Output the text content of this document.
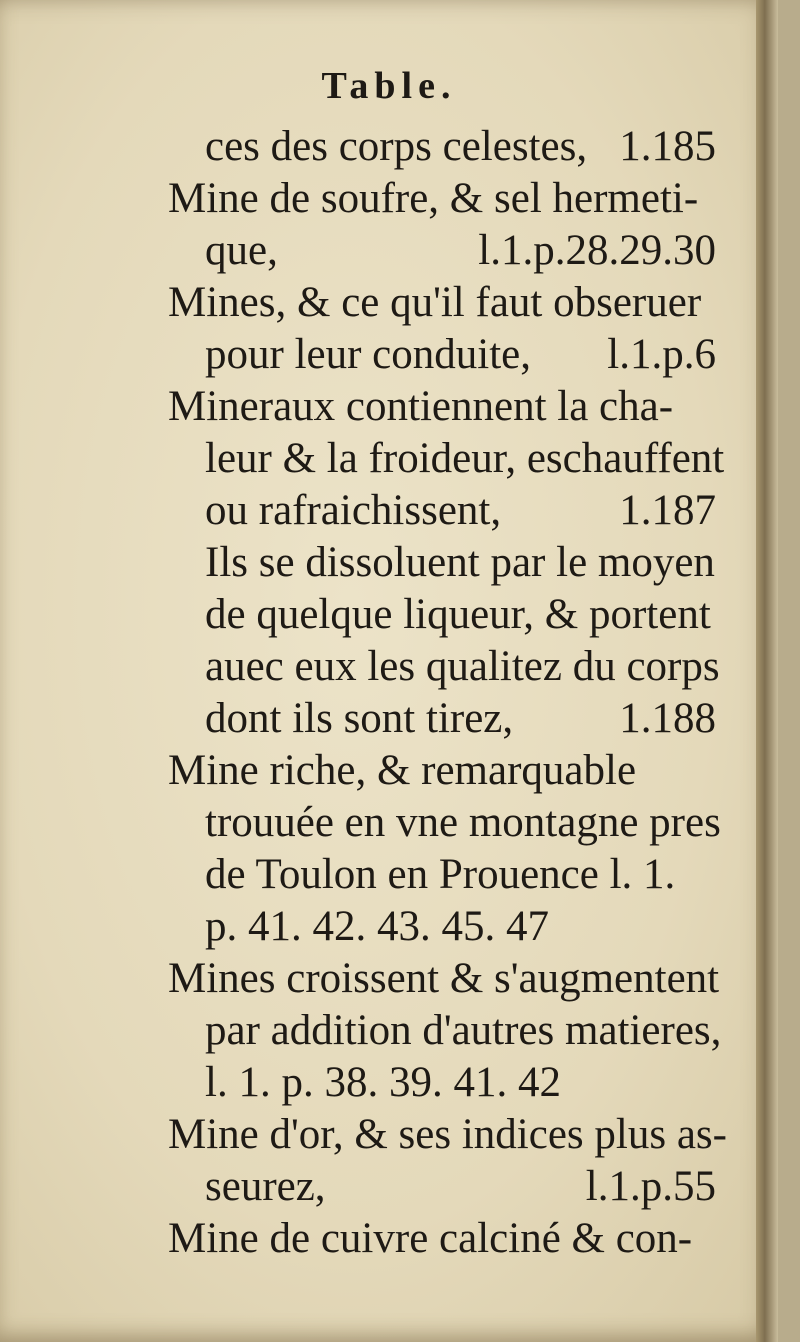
Table.
ces des corps celestes, 1.185
Mine de soufre, & sel hermeti-
que,	l.1.p.28.29.30
Mines, & ce qu'il faut obseruer
pour leur conduite, l.1.p.6
Mineraux contiennent la cha-
leur & la froideur, eschauffent
ou rafraichissent,	1.187
Ils se dissoluent par le moyen
de quelque liqueur, & portent
auec eux les qualitez du corps
dont ils sont tirez, 1.188
Mine riche, & remarquable
trouuée en vne montagne pres
de Toulon en Prouence l. 1.
p. 41. 42. 43. 45. 47
Mines croissent & s'augmentent
par addition d'autres matieres,
l. 1. p. 38. 39. 41. 42
Mine d'or, & ses indices plus as-
seurez,	l.1.p.55
Mine de cuivre calciné & con-
